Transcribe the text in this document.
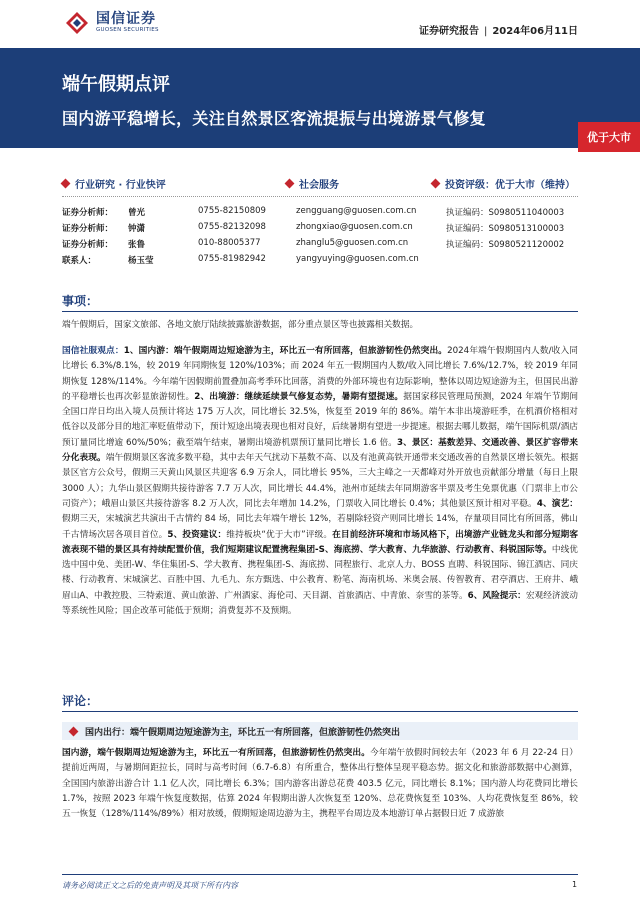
国信证券
GUOSEN SECURITIES	证券研究报告 | 2024年06月11日
端午假期点评
国内游平稳增长，关注自然景区客流提振与出境游景气修复
优于大市
行业研究 · 行业快评	社会服务	投资评级：优于大市（维持）
证券分析师： 曾光	0755-82150809	zengguang@guosen.com.cn	执证编码：S0980511040003
证券分析师： 钟潇	0755-82132098	zhongxiao@guosen.com.cn	执证编码：S0980513100003
证券分析师： 张鲁	010-88005377	zhanglu5@guosen.com.cn	执证编码：S0980521120002
联系人：	杨玉莹	0755-81982942	yangyuying@guosen.com.cn
事项：

端午假期后，国家文旅部、各地文旅厅陆续披露旅游数据，部分重点景区等也披露相关数据。

国信社服观点：1、国内游：端午假期周边短途游为主，环比五一有所回落，但旅游韧性仍然突出。2024年端午假期国内人数/收入同比增长 6.3%/8.1%，较 2019 年同期恢复 120%/103%；而 2024 年五一假期国内人数/收入同比增长 7.6%/12.7%，较 2019 年同期恢复 128%/114%。今年端午因假期前置叠加高考季环比回落，消费的外部环境也有边际影响，整体以周边短途游为主，但国民出游的平稳增长也再次彰显旅游韧性。2、出境游：继续延续景气修复态势，暑期有望提速。据国家移民管理局预测，2024 年端午节期间全国口岸日均出入境人员预计将达 175 万人次，同比增长 32.5%，恢复至 2019 年的 86%。端午本非出境游旺季，在机酒价格相对低谷以及部分目的地汇率贬值带动下，预计短途出境表现也相对良好，后续暑期有望进一步提速。根据去哪儿数据，端午国际机票/酒店预订量同比增逾 60%/50%；截至端午结束，暑期出境游机票预订量同比增长 1.6 倍。3、景区：基数差异、交通改善、景区扩容带来分化表现。端午假期景区客流多数平稳，其中去年天气扰动下基数不高、以及有池黄高铁开通带来交通改善的自然景区增长领先。根据景区官方公众号，假期三天黄山风景区共迎客 6.9 万余人，同比增长 95%，三大主峰之一天都峰对外开放也贡献部分增量（每日上限 3000 人）；九华山景区假期共接待游客 7.7 万人次，同比增长 44.4%，池州市延续去年同期游客半票及考生免票优惠（门票非上市公司资产）；峨眉山景区共接待游客 8.2 万人次，同比去年增加 14.2%，门票收入同比增长 0.4%；其他景区预计相对平稳。4、演艺：假期三天，宋城演艺共演出千古情约 84 场，同比去年端午增长 12%，若剔除轻资产则同比增长 14%，存量项目同比有所回落，佛山千古情场次居各项目首位。5、投资建议：维持板块“优于大市”评级。在目前经济环境和市场风格下，出境游产业链龙头和部分短期客流表现不错的景区具有持续配置价值，我们短期建议配置携程集团-S、海底捞、学大教育、九华旅游、行动教育、科锐国际等。中线优选中国中免、美团-W、华住集团-S、学大教育、携程集团-S、海底捞、同程旅行、北京人力、BOSS 直聘、科锐国际、锦江酒店、同庆楼、行动教育、宋城演艺、百胜中国、九毛九、东方甄选、中公教育、粉笔、海南机场、米奥会展、传智教育、君亭酒店、王府井、峨眉山A、中教控股、三特索道、黄山旅游、广州酒家、海伦司、天目湖、首旅酒店、中青旅、奈雪的茶等。6、风险提示：宏观经济波动等系统性风险；国企改革可能低于预期；消费复苏不及预期。

评论：
国内出行：端午假期周边短途游为主，环比五一有所回落，但旅游韧性仍然突出

国内游，端午假期周边短途游为主，环比五一有所回落，但旅游韧性仍然突出。今年端午放假时间较去年（2023 年 6 月 22-24 日）提前近两周，与暑期间距拉长，同时与高考时间（6.7-6.8）有所重合，整体出行整体呈现平稳态势。据文化和旅游部数据中心测算，全国国内旅游出游合计 1.1 亿人次，同比增长 6.3%；国内游客出游总花费 403.5 亿元，同比增长 8.1%；国内游人均花费同比增长 1.7%，按照 2023 年端午恢复度数据，估算 2024 年假期出游人次恢复至 120%、总花费恢复至 103%、人均花费恢复至 86%，较五一恢复（128%/114%/89%）相对放缓，假期短途周边游为主，携程平台周边及本地游订单占据假日近 7 成游旅

请务必阅读正文之后的免责声明及其项下所有内容	1
